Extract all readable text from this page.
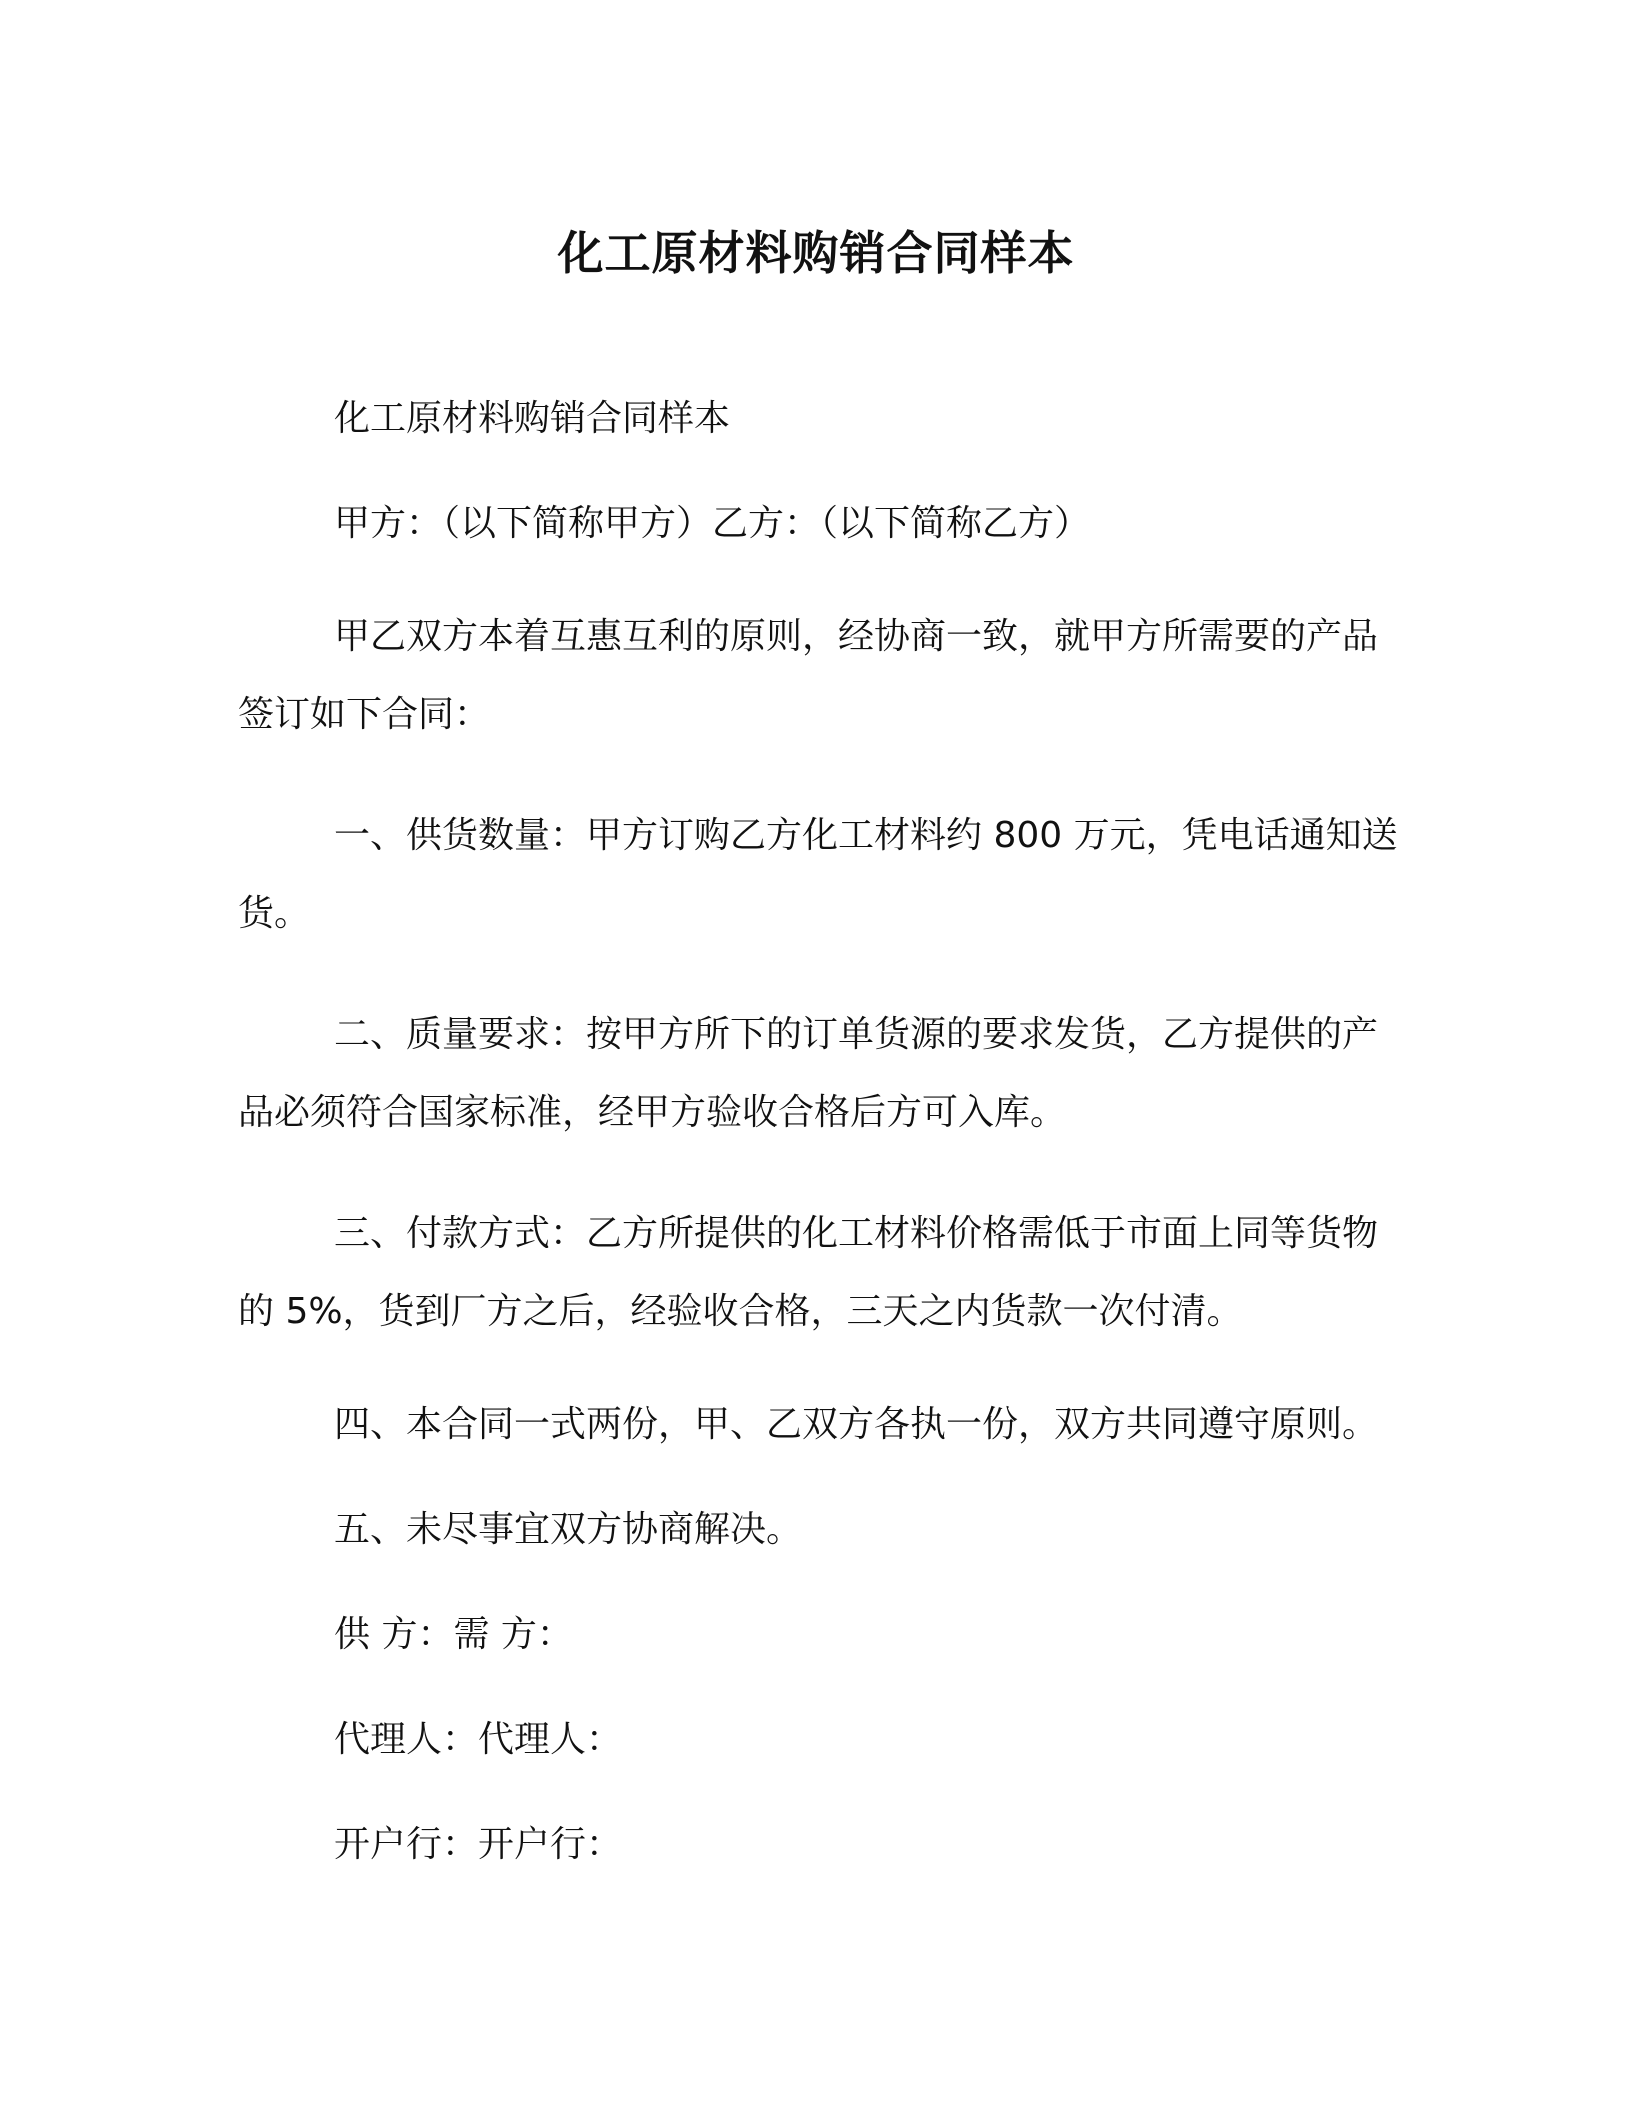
化工原材料购销合同样本

化工原材料购销合同样本

甲方：（以下简称甲方）乙方：（以下简称乙方）

甲乙双方本着互惠互利的原则，经协商一致，就甲方所需要的产品签订如下合同：

一、供货数量：甲方订购乙方化工材料约 800 万元，凭电话通知送货。

二、质量要求：按甲方所下的订单货源的要求发货，乙方提供的产品必须符合国家标准，经甲方验收合格后方可入库。

三、付款方式：乙方所提供的化工材料价格需低于市面上同等货物的 5%，货到厂方之后，经验收合格，三天之内货款一次付清。

四、本合同一式两份，甲、乙双方各执一份，双方共同遵守原则。

五、未尽事宜双方协商解决。

供 方：需 方：

代理人：代理人：

开户行：开户行：
